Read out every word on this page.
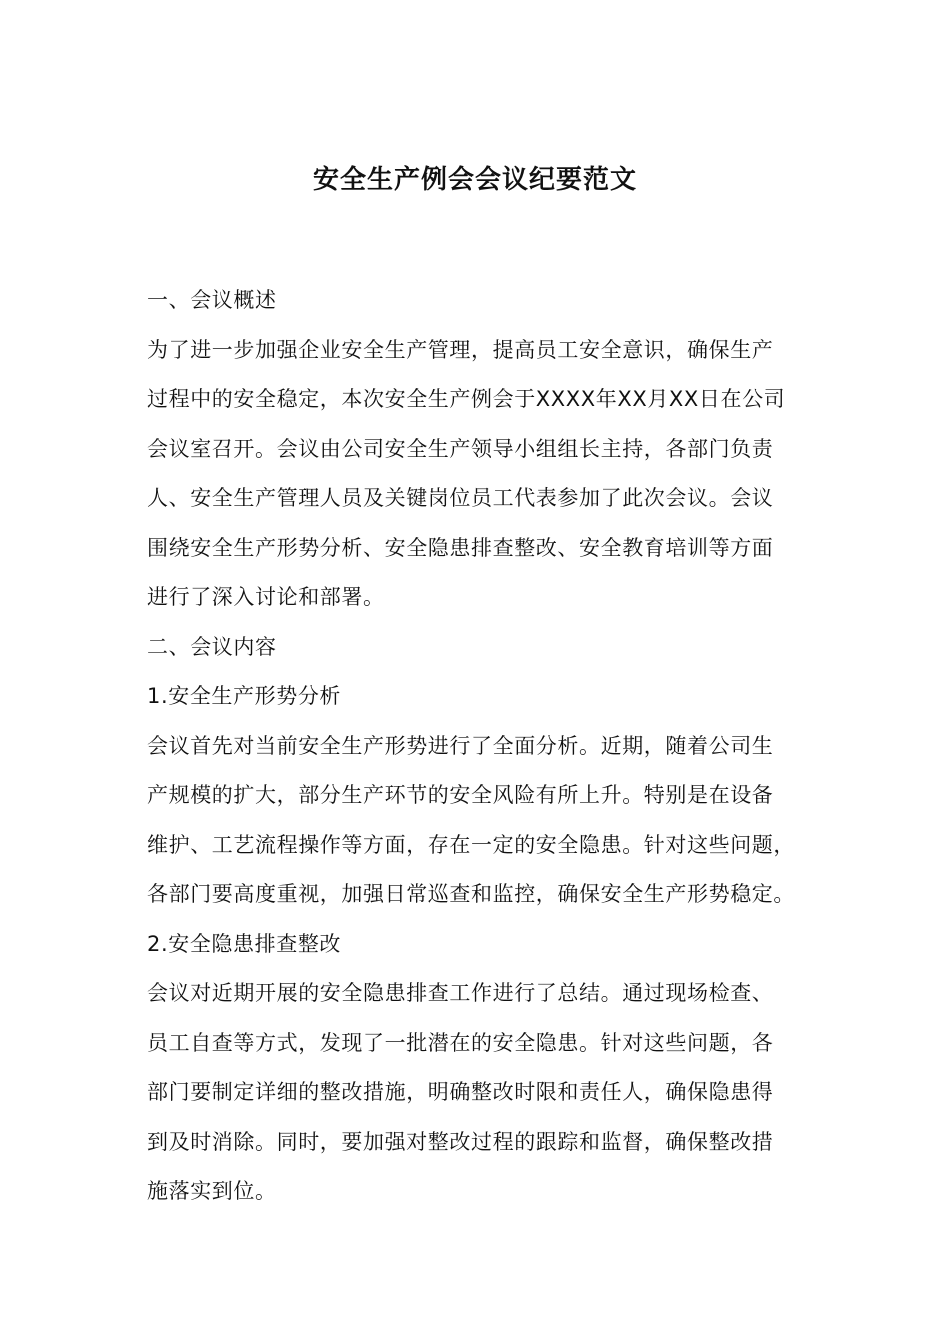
安全生产例会会议纪要范文
一、会议概述
为了进一步加强企业安全生产管理，提高员工安全意识，确保生产
过程中的安全稳定，本次安全生产例会于XXXX年XX月XX日在公司
会议室召开。会议由公司安全生产领导小组组长主持，各部门负责
人、安全生产管理人员及关键岗位员工代表参加了此次会议。会议
围绕安全生产形势分析、安全隐患排查整改、安全教育培训等方面
进行了深入讨论和部署。
二、会议内容
1.安全生产形势分析
会议首先对当前安全生产形势进行了全面分析。近期，随着公司生
产规模的扩大，部分生产环节的安全风险有所上升。特别是在设备
维护、工艺流程操作等方面，存在一定的安全隐患。针对这些问题，
各部门要高度重视，加强日常巡查和监控，确保安全生产形势稳定。
2.安全隐患排查整改
会议对近期开展的安全隐患排查工作进行了总结。通过现场检查、
员工自查等方式，发现了一批潜在的安全隐患。针对这些问题，各
部门要制定详细的整改措施，明确整改时限和责任人，确保隐患得
到及时消除。同时，要加强对整改过程的跟踪和监督，确保整改措
施落实到位。
